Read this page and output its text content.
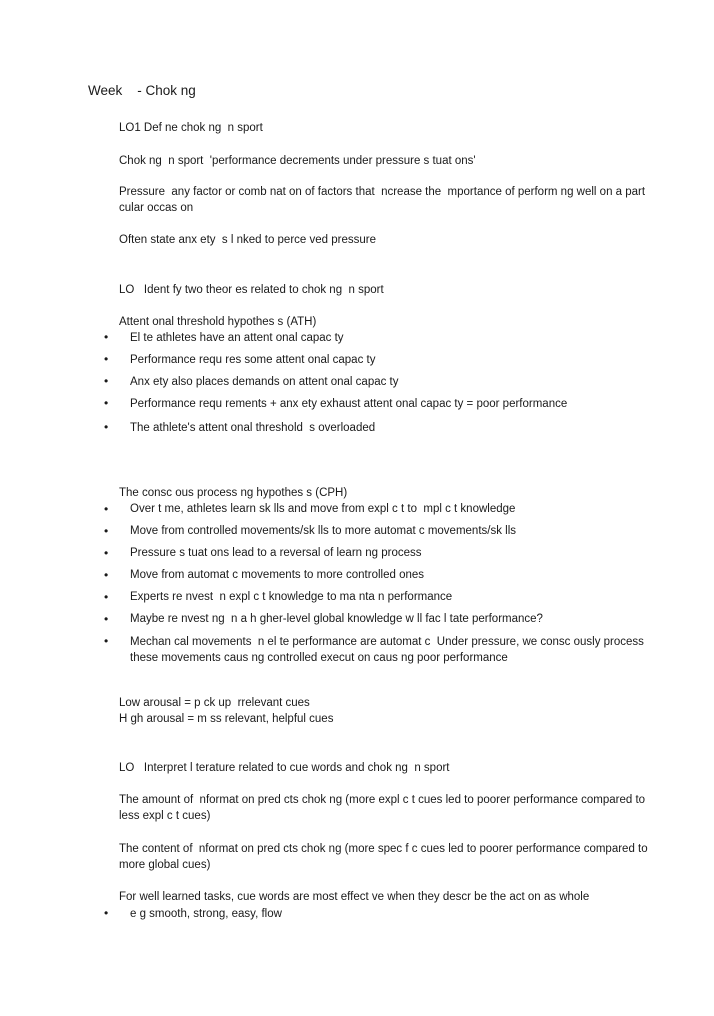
Week    - Chok ng
LO1 Def ne chok ng  n sport
Chok ng  n sport  'performance decrements under pressure s tuat ons'
Pressure  any factor or comb nat on of factors that  ncrease the  mportance of perform ng well on a part cular occas on
Often state anx ety  s l nked to perce ved pressure
LO   Ident fy two theor es related to chok ng  n sport
Attent onal threshold hypothes s (ATH)
• El te athletes have an attent onal capac ty
• Performance requ res some attent onal capac ty
• Anx ety also places demands on attent onal capac ty
• Performance requ rements + anx ety exhaust attent onal capac ty = poor performance
• The athlete's attent onal threshold  s overloaded
The consc ous process ng hypothes s (CPH)
• Over t me, athletes learn sk lls and move from expl c t to  mpl c t knowledge
• Move from controlled movements/sk lls to more automat c movements/sk lls
• Pressure s tuat ons lead to a reversal of learn ng process
• Move from automat c movements to more controlled ones
• Experts re nvest  n expl c t knowledge to ma nta n performance
• Maybe re nvest ng  n a h gher-level global knowledge w ll fac l tate performance?
• Mechan cal movements  n el te performance are automat c  Under pressure, we consc ously process these movements caus ng controlled execut on caus ng poor performance
Low arousal = p ck up  rrelevant cues
H gh arousal = m ss relevant, helpful cues
LO   Interpret l terature related to cue words and chok ng  n sport
The amount of  nformat on pred cts chok ng (more expl c t cues led to poorer performance compared to less expl c t cues)
The content of  nformat on pred cts chok ng (more spec f c cues led to poorer performance compared to more global cues)
For well learned tasks, cue words are most effect ve when they descr be the act on as whole
• e g smooth, strong, easy, flow
